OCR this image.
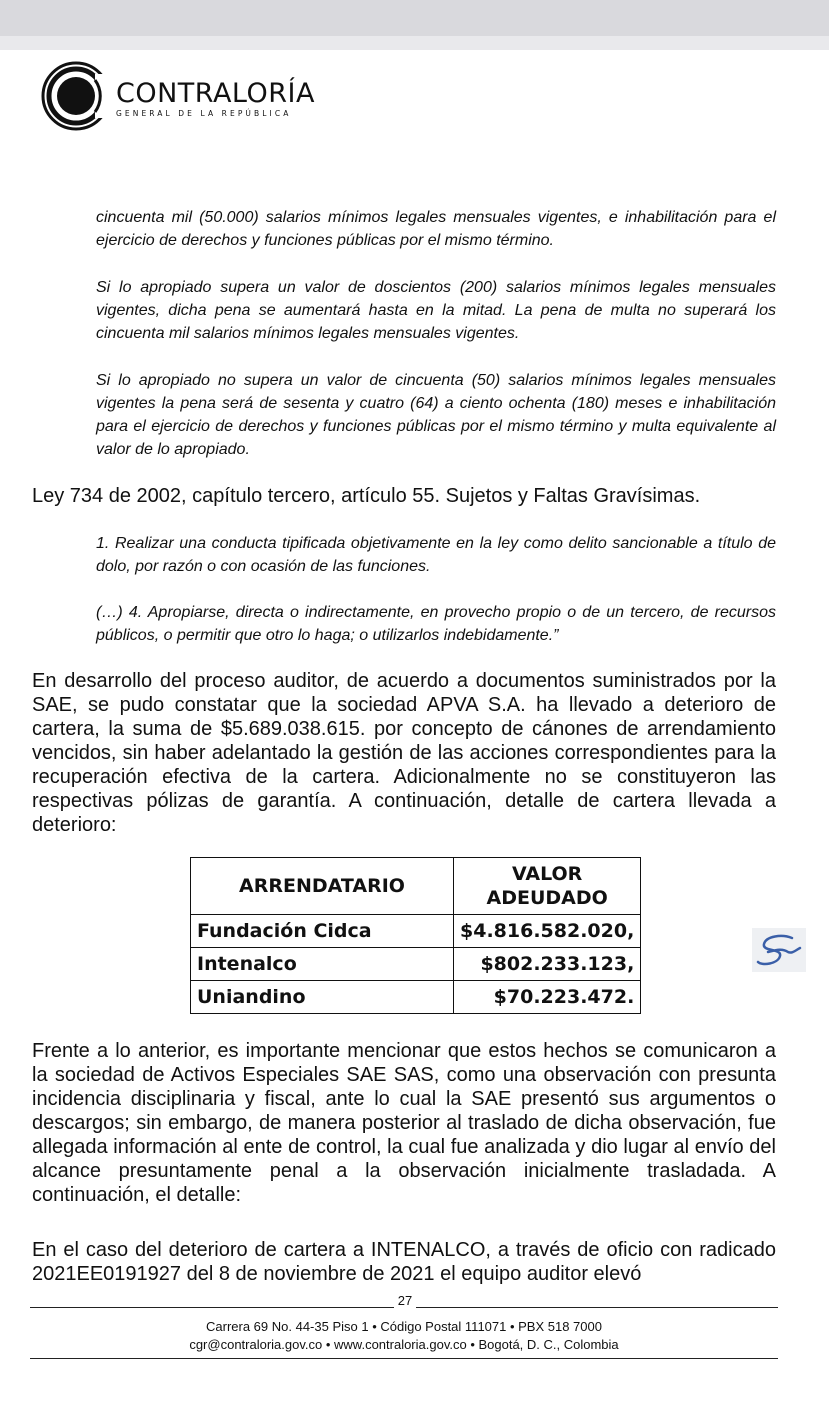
CONTRALORÍA
GENERAL DE LA REPÚBLICA

cincuenta mil (50.000) salarios mínimos legales mensuales vigentes, e inhabilitación para el ejercicio de derechos y funciones públicas por el mismo término.

Si lo apropiado supera un valor de doscientos (200) salarios mínimos legales mensuales vigentes, dicha pena se aumentará hasta en la mitad. La pena de multa no superará los cincuenta mil salarios mínimos legales mensuales vigentes.

Si lo apropiado no supera un valor de cincuenta (50) salarios mínimos legales mensuales vigentes la pena será de sesenta y cuatro (64) a ciento ochenta (180) meses e inhabilitación para el ejercicio de derechos y funciones públicas por el mismo término y multa equivalente al valor de lo apropiado.

Ley 734 de 2002, capítulo tercero, artículo 55. Sujetos y Faltas Gravísimas.

1. Realizar una conducta tipificada objetivamente en la ley como delito sancionable a título de dolo, por razón o con ocasión de las funciones.

(…) 4. Apropiarse, directa o indirectamente, en provecho propio o de un tercero, de recursos públicos, o permitir que otro lo haga; o utilizarlos indebidamente.”

En desarrollo del proceso auditor, de acuerdo a documentos suministrados por la SAE, se pudo constatar que la sociedad APVA S.A. ha llevado a deterioro de cartera, la suma de $5.689.038.615. por concepto de cánones de arrendamiento vencidos, sin haber adelantado la gestión de las acciones correspondientes para la recuperación efectiva de la cartera. Adicionalmente no se constituyeron las respectivas pólizas de garantía. A continuación, detalle de cartera llevada a deterioro:

ARRENDATARIO	VALOR ADEUDADO
Fundación Cidca	$4.816.582.020,
Intenalco	$802.233.123,
Uniandino	$70.223.472.

Frente a lo anterior, es importante mencionar que estos hechos se comunicaron a la sociedad de Activos Especiales SAE SAS, como una observación con presunta incidencia disciplinaria y fiscal, ante lo cual la SAE presentó sus argumentos o descargos; sin embargo, de manera posterior al traslado de dicha observación, fue allegada información al ente de control, la cual fue analizada y dio lugar al envío del alcance presuntamente penal a la observación inicialmente trasladada. A continuación, el detalle:

En el caso del deterioro de cartera a INTENALCO, a través de oficio con radicado 2021EE0191927 del 8 de noviembre de 2021 el equipo auditor elevó

27
Carrera 69 No. 44-35 Piso 1 • Código Postal 111071 • PBX 518 7000
cgr@contraloria.gov.co • www.contraloria.gov.co • Bogotá, D. C., Colombia
